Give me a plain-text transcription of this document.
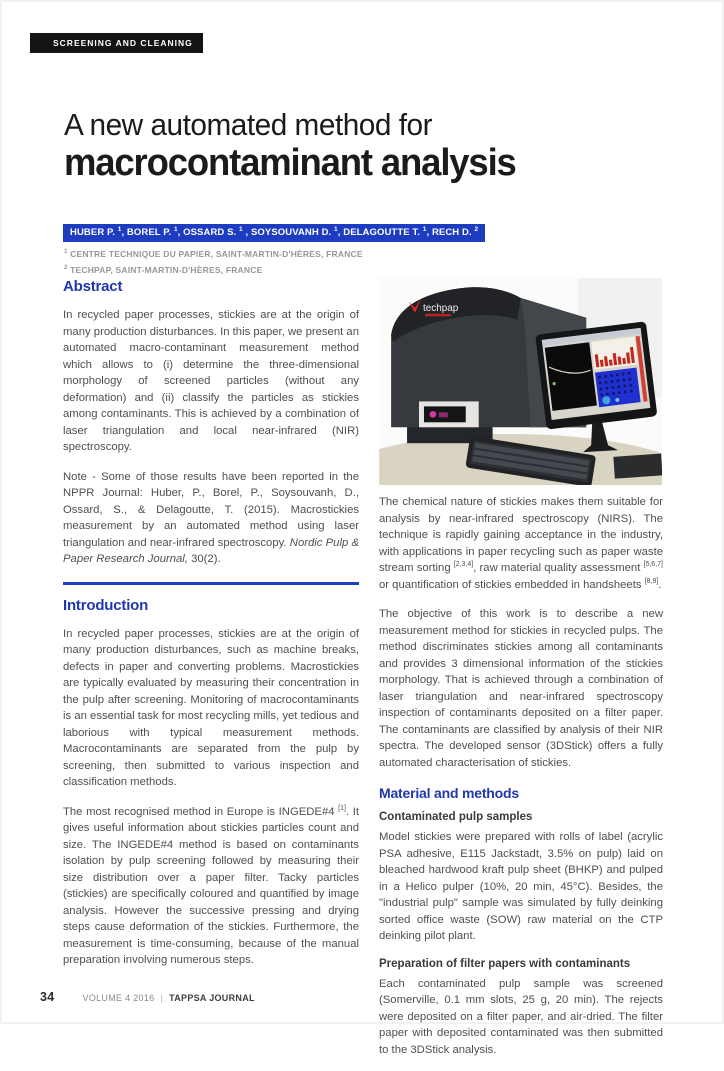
SCREENING AND CLEANING
A new automated method for
macrocontaminant analysis
HUBER P. $^1$, BOREL P. $^1$, OSSARD S. $^1$ , SOYSOUVANH D. $^1$, DELAGOUTTE T. $^1$, RECH D. $^2$
$^1$ CENTRE TECHNIQUE DU PAPIER, SAINT-MARTIN-D'HÈRES, FRANCE
$^2$ TECHPAP, SAINT-MARTIN-D'HÈRES, FRANCE
Abstract

In recycled paper processes, stickies are at the origin of many production disturbances. In this paper, we present an automated macro-contaminant measurement method which allows to (i) determine the three-dimensional morphology of screened particles (without any deformation) and (ii) classify the particles as stickies among contaminants. This is achieved by a combination of laser triangulation and local near-infrared (NIR) spectroscopy.

Note - Some of those results have been reported in the NPPR Journal: Huber, P., Borel, P., Soysouvanh, D., Ossard, S., & Delagoutte, T. (2015). Macrostickies measurement by an automated method using laser triangulation and near-infrared spectroscopy. Nordic Pulp & Paper Research Journal, 30(2).

Introduction

In recycled paper processes, stickies are at the origin of many production disturbances, such as machine breaks, defects in paper and converting problems. Macrostickies are typically evaluated by measuring their concentration in the pulp after screening. Monitoring of macrocontaminants is an essential task for most recycling mills, yet tedious and laborious with typical measurement methods. Macrocontaminants are separated from the pulp by screening, then submitted to various inspection and classification methods.

The most recognised method in Europe is INGEDE#4 [1]. It gives useful information about stickies particles count and size. The INGEDE#4 method is based on contaminants isolation by pulp screening followed by measuring their size distribution over a paper filter. Tacky particles (stickies) are specifically coloured and quantified by image analysis. However the successive pressing and drying steps cause deformation of the stickies. Furthermore, the measurement is time-consuming, because of the manual preparation involving numerous steps.

techpap

The chemical nature of stickies makes them suitable for analysis by near-infrared spectroscopy (NIRS). The technique is rapidly gaining acceptance in the industry, with applications in paper recycling such as paper waste stream sorting [2,3,4], raw material quality assessment [5,6,7] or quantification of stickies embedded in handsheets [8,9].

The objective of this work is to describe a new measurement method for stickies in recycled pulps. The method discriminates stickies among all contaminants and provides 3 dimensional information of the stickies morphology. That is achieved through a combination of laser triangulation and near-infrared spectroscopy inspection of contaminants deposited on a filter paper. The contaminants are classified by analysis of their NIR spectra. The developed sensor (3DStick) offers a fully automated characterisation of stickies.

Material and methods
Contaminated pulp samples

Model stickies were prepared with rolls of label (acrylic PSA adhesive, E115 Jackstadt, 3.5% on pulp) laid on bleached hardwood kraft pulp sheet (BHKP) and pulped in a Helico pulper (10%, 20 min, 45°C). Besides, the "industrial pulp" sample was simulated by fully deinking sorted office waste (SOW) raw material on the CTP deinking pilot plant.

Preparation of filter papers with contaminants

Each contaminated pulp sample was screened (Somerville, 0.1 mm slots, 25 g, 20 min). The rejects were deposited on a filter paper, and air-dried. The filter paper with deposited contaminated was then submitted to the 3DStick analysis.

34	VOLUME 4 2016 | TAPPSA JOURNAL
